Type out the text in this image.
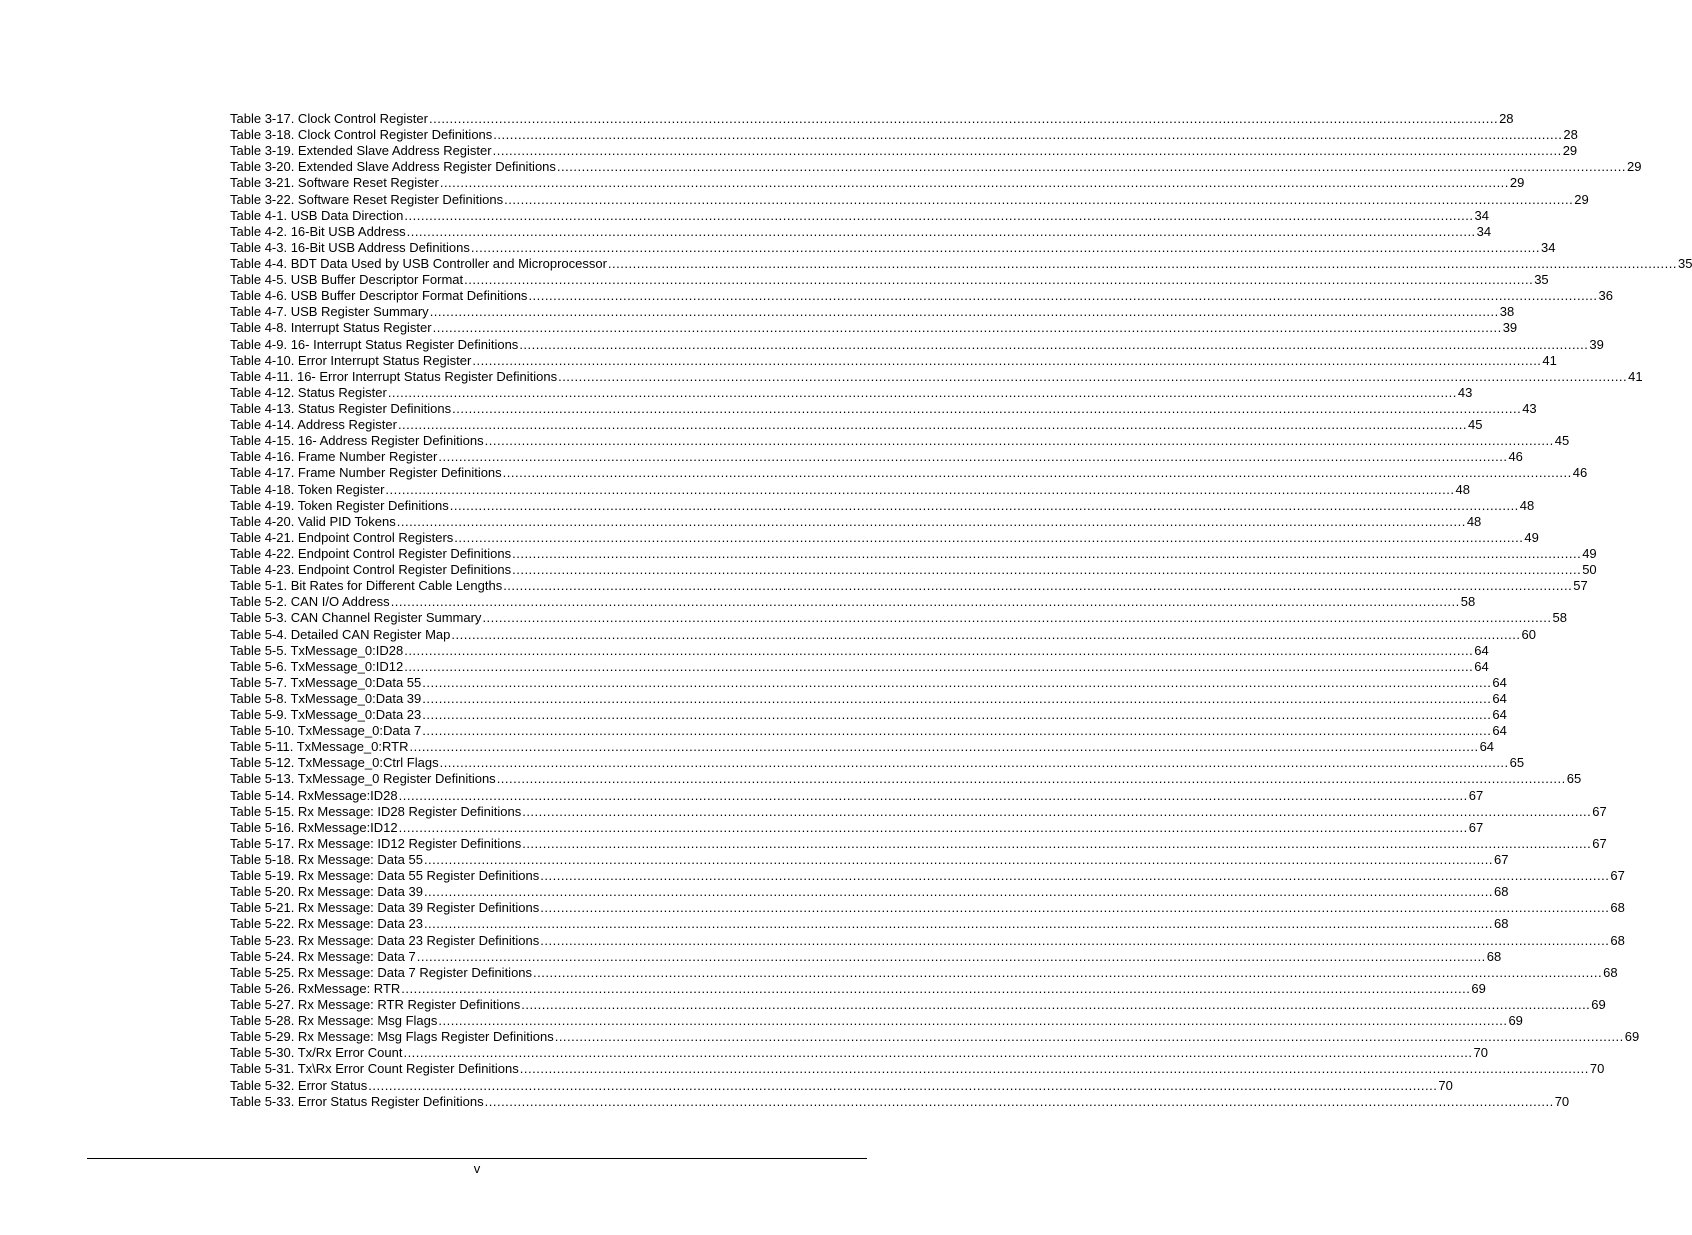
Table 3-17. Clock Control Register .................................................................................................................................................................................................................................................................... 28
Table 3-18. Clock Control Register Definitions .................................................................................................................................................................................................................................................................... 28
Table 3-19. Extended Slave Address Register .................................................................................................................................................................................................................................................................... 29
Table 3-20. Extended Slave Address Register Definitions .................................................................................................................................................................................................................................................................... 29
Table 3-21. Software Reset Register .................................................................................................................................................................................................................................................................... 29
Table 3-22. Software Reset Register Definitions .................................................................................................................................................................................................................................................................... 29
Table 4-1. USB Data Direction .................................................................................................................................................................................................................................................................... 34
Table 4-2. 16-Bit USB Address .................................................................................................................................................................................................................................................................... 34
Table 4-3. 16-Bit USB Address Definitions .................................................................................................................................................................................................................................................................... 34
Table 4-4. BDT Data Used by USB Controller and Microprocessor .................................................................................................................................................................................................................................................................... 35
Table 4-5. USB Buffer Descriptor Format .................................................................................................................................................................................................................................................................... 35
Table 4-6. USB Buffer Descriptor Format Definitions .................................................................................................................................................................................................................................................................... 36
Table 4-7. USB Register Summary .................................................................................................................................................................................................................................................................... 38
Table 4-8. Interrupt Status Register .................................................................................................................................................................................................................................................................... 39
Table 4-9. 16- Interrupt Status Register Definitions .................................................................................................................................................................................................................................................................... 39
Table 4-10. Error Interrupt Status Register .................................................................................................................................................................................................................................................................... 41
Table 4-11. 16- Error Interrupt Status Register Definitions .................................................................................................................................................................................................................................................................... 41
Table 4-12. Status Register .................................................................................................................................................................................................................................................................... 43
Table 4-13. Status Register Definitions .................................................................................................................................................................................................................................................................... 43
Table 4-14. Address Register .................................................................................................................................................................................................................................................................... 45
Table 4-15. 16- Address Register Definitions .................................................................................................................................................................................................................................................................... 45
Table 4-16. Frame Number Register .................................................................................................................................................................................................................................................................... 46
Table 4-17. Frame Number Register Definitions .................................................................................................................................................................................................................................................................... 46
Table 4-18. Token Register .................................................................................................................................................................................................................................................................... 48
Table 4-19. Token Register Definitions .................................................................................................................................................................................................................................................................... 48
Table 4-20. Valid PID Tokens .................................................................................................................................................................................................................................................................... 48
Table 4-21. Endpoint Control Registers .................................................................................................................................................................................................................................................................... 49
Table 4-22. Endpoint Control Register Definitions .................................................................................................................................................................................................................................................................... 49
Table 4-23. Endpoint Control Register Definitions .................................................................................................................................................................................................................................................................... 50
Table 5-1. Bit Rates for Different Cable Lengths .................................................................................................................................................................................................................................................................... 57
Table 5-2. CAN I/O Address .................................................................................................................................................................................................................................................................... 58
Table 5-3. CAN Channel Register Summary .................................................................................................................................................................................................................................................................... 58
Table 5-4. Detailed CAN Register Map .................................................................................................................................................................................................................................................................... 60
Table 5-5. TxMessage_0:ID28 .................................................................................................................................................................................................................................................................... 64
Table 5-6. TxMessage_0:ID12 .................................................................................................................................................................................................................................................................... 64
Table 5-7. TxMessage_0:Data 55 .................................................................................................................................................................................................................................................................... 64
Table 5-8. TxMessage_0:Data 39 .................................................................................................................................................................................................................................................................... 64
Table 5-9. TxMessage_0:Data 23 .................................................................................................................................................................................................................................................................... 64
Table 5-10. TxMessage_0:Data 7 .................................................................................................................................................................................................................................................................... 64
Table 5-11. TxMessage_0:RTR .................................................................................................................................................................................................................................................................... 64
Table 5-12. TxMessage_0:Ctrl Flags .................................................................................................................................................................................................................................................................... 65
Table 5-13. TxMessage_0 Register Definitions .................................................................................................................................................................................................................................................................... 65
Table 5-14. RxMessage:ID28 .................................................................................................................................................................................................................................................................... 67
Table 5-15. Rx Message: ID28 Register Definitions .................................................................................................................................................................................................................................................................... 67
Table 5-16. RxMessage:ID12 .................................................................................................................................................................................................................................................................... 67
Table 5-17. Rx Message: ID12 Register Definitions .................................................................................................................................................................................................................................................................... 67
Table 5-18. Rx Message: Data 55 .................................................................................................................................................................................................................................................................... 67
Table 5-19. Rx Message: Data 55 Register Definitions .................................................................................................................................................................................................................................................................... 67
Table 5-20. Rx Message: Data 39 .................................................................................................................................................................................................................................................................... 68
Table 5-21. Rx Message: Data 39 Register Definitions .................................................................................................................................................................................................................................................................... 68
Table 5-22. Rx Message: Data 23 .................................................................................................................................................................................................................................................................... 68
Table 5-23. Rx Message: Data 23 Register Definitions .................................................................................................................................................................................................................................................................... 68
Table 5-24. Rx Message: Data 7 .................................................................................................................................................................................................................................................................... 68
Table 5-25. Rx Message: Data 7 Register Definitions .................................................................................................................................................................................................................................................................... 68
Table 5-26. RxMessage: RTR .................................................................................................................................................................................................................................................................... 69
Table 5-27. Rx Message: RTR Register Definitions .................................................................................................................................................................................................................................................................... 69
Table 5-28. Rx Message: Msg Flags .................................................................................................................................................................................................................................................................... 69
Table 5-29. Rx Message: Msg Flags Register Definitions .................................................................................................................................................................................................................................................................... 69
Table 5-30. Tx/Rx Error Count .................................................................................................................................................................................................................................................................... 70
Table 5-31. Tx\Rx Error Count Register Definitions .................................................................................................................................................................................................................................................................... 70
Table 5-32. Error Status .................................................................................................................................................................................................................................................................... 70
Table 5-33. Error Status Register Definitions .................................................................................................................................................................................................................................................................... 70
v
